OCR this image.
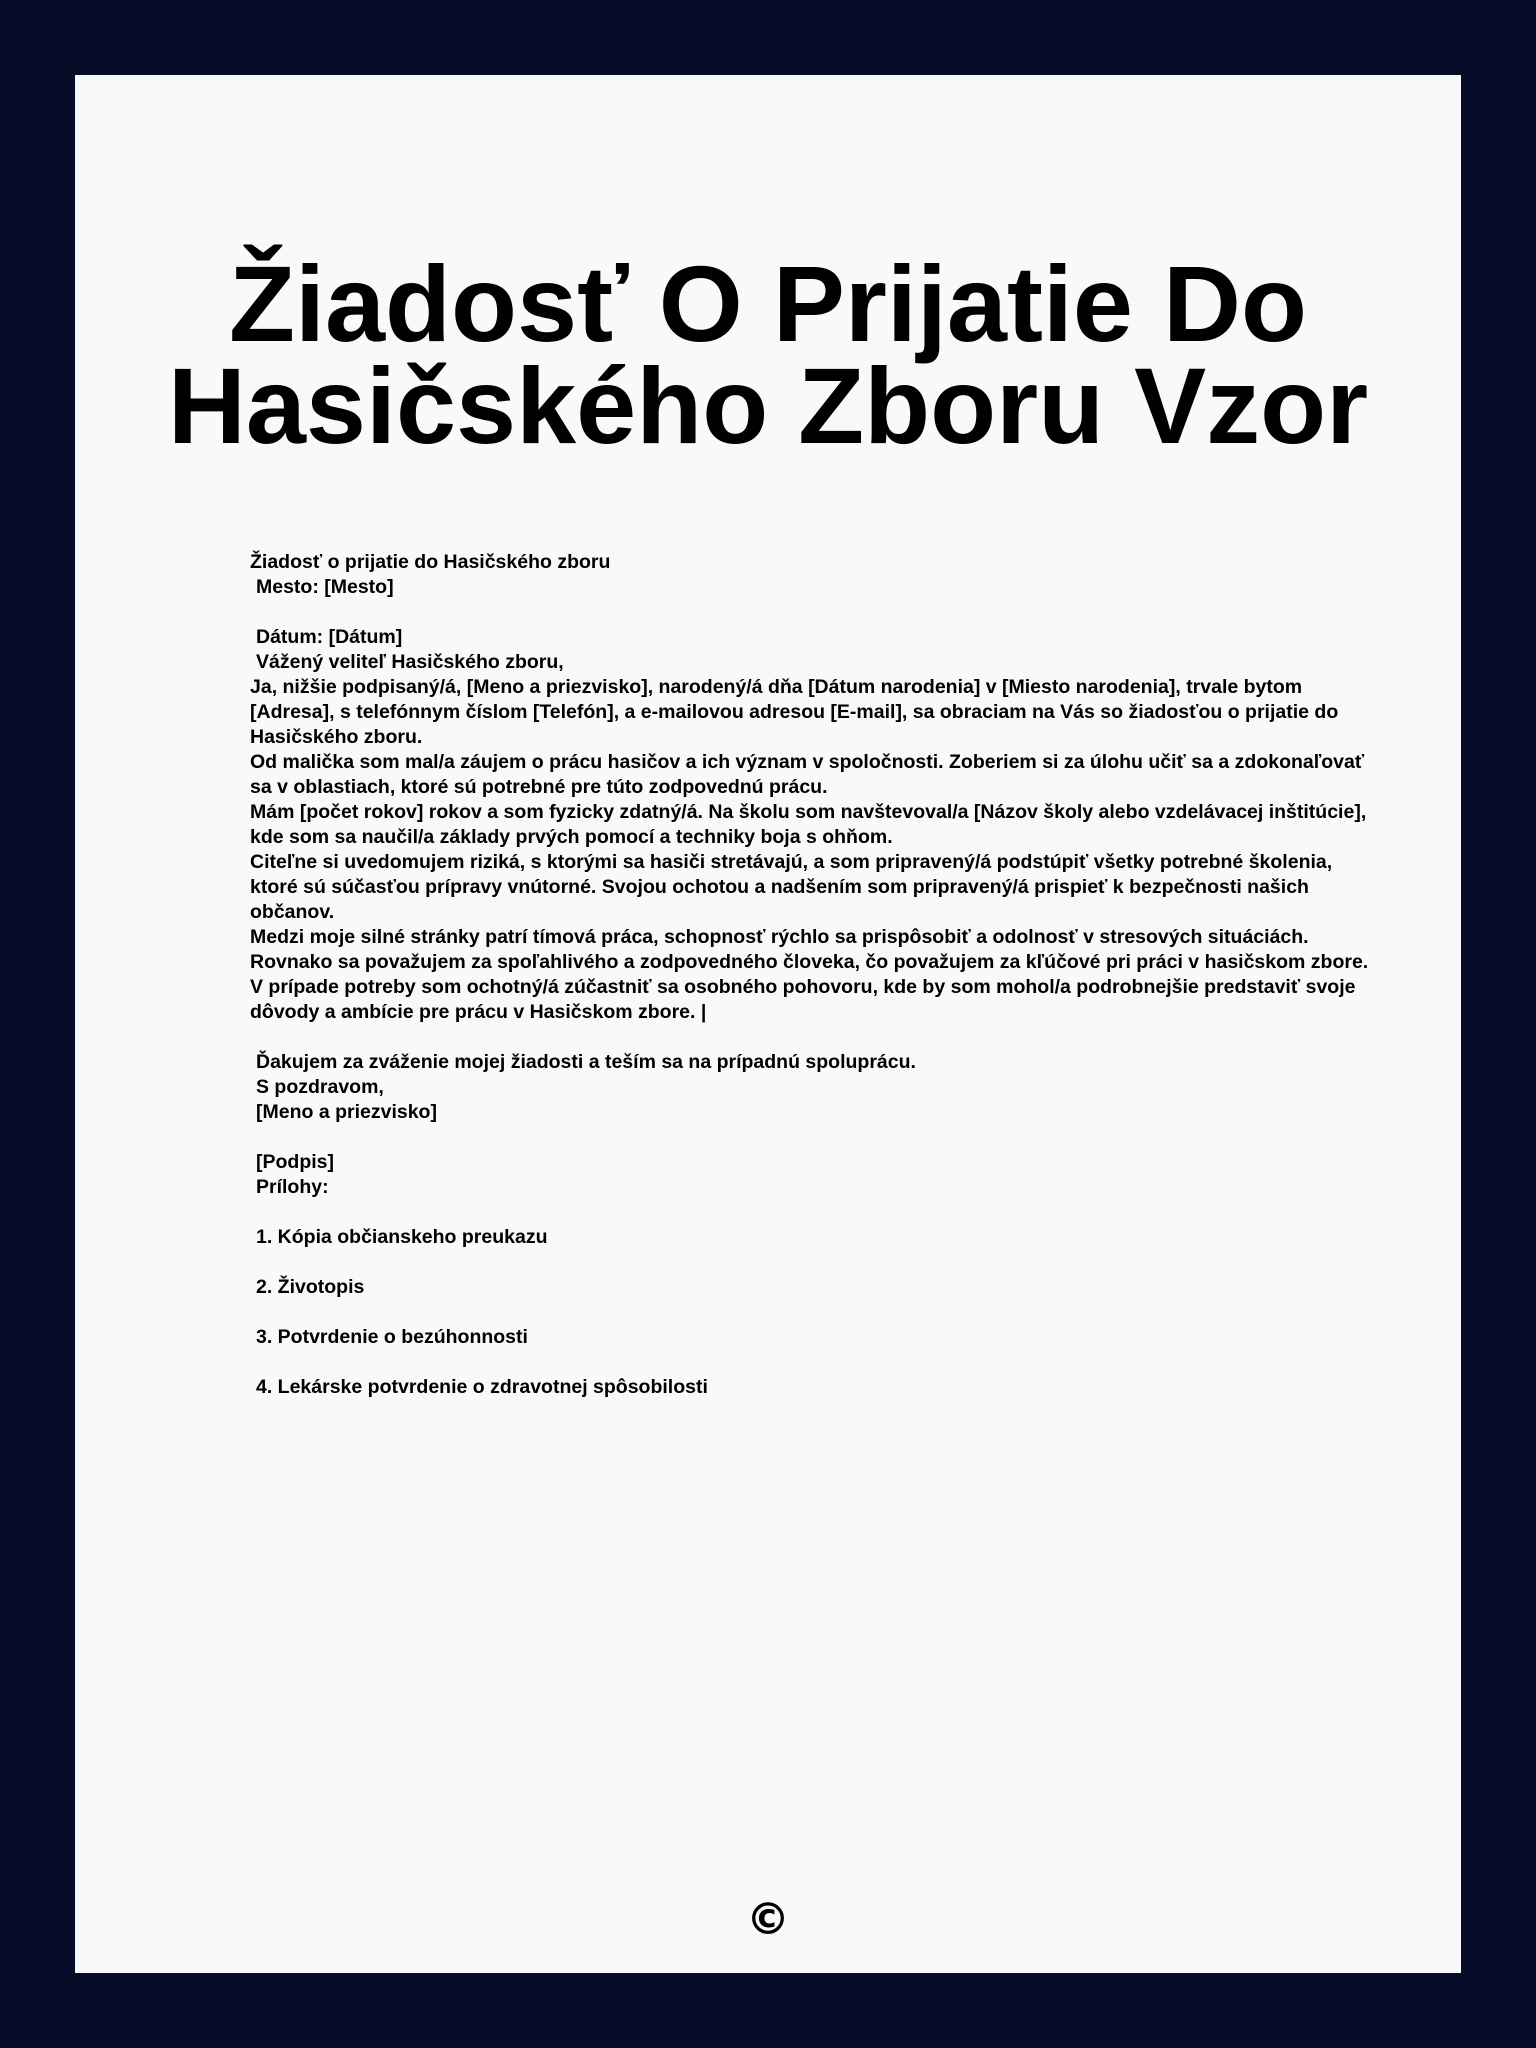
Žiadosť O Prijatie Do
Hasičského Zboru Vzor
Žiadosť o prijatie do Hasičského zboru
Mesto: [Mesto]
Dátum: [Dátum]
Vážený veliteľ Hasičského zboru,
Ja, nižšie podpisaný/á, [Meno a priezvisko], narodený/á dňa [Dátum narodenia] v [Miesto narodenia], trvale bytom [Adresa], s telefónnym číslom [Telefón], a e-mailovou adresou [E-mail], sa obraciam na Vás so žiadosťou o prijatie do Hasičského zboru.
Od malička som mal/a záujem o prácu hasičov a ich význam v spoločnosti. Zoberiem si za úlohu učiť sa a zdokonaľovať sa v oblastiach, ktoré sú potrebné pre túto zodpovednú prácu.
Mám [počet rokov] rokov a som fyzicky zdatný/á. Na školu som navštevoval/a [Názov školy alebo vzdelávacej inštitúcie], kde som sa naučil/a základy prvých pomocí a techniky boja s ohňom.
Citeľne si uvedomujem riziká, s ktorými sa hasiči stretávajú, a som pripravený/á podstúpiť všetky potrebné školenia, ktoré sú súčasťou prípravy vnútorné. Svojou ochotou a nadšením som pripravený/á prispieť k bezpečnosti našich občanov.
Medzi moje silné stránky patrí tímová práca, schopnosť rýchlo sa prispôsobiť a odolnosť v stresových situáciách. Rovnako sa považujem za spoľahlivého a zodpovedného človeka, čo považujem za kľúčové pri práci v hasičskom zbore.
V prípade potreby som ochotný/á zúčastniť sa osobného pohovoru, kde by som mohol/a podrobnejšie predstaviť svoje dôvody a ambície pre prácu v Hasičskom zbore. |
Ďakujem za zváženie mojej žiadosti a teším sa na prípadnú spoluprácu.
S pozdravom,
[Meno a priezvisko]
[Podpis]
Prílohy:
1. Kópia občianskeho preukazu
2. Životopis
3. Potvrdenie o bezúhonnosti
4. Lekárske potvrdenie o zdravotnej spôsobilosti
©
